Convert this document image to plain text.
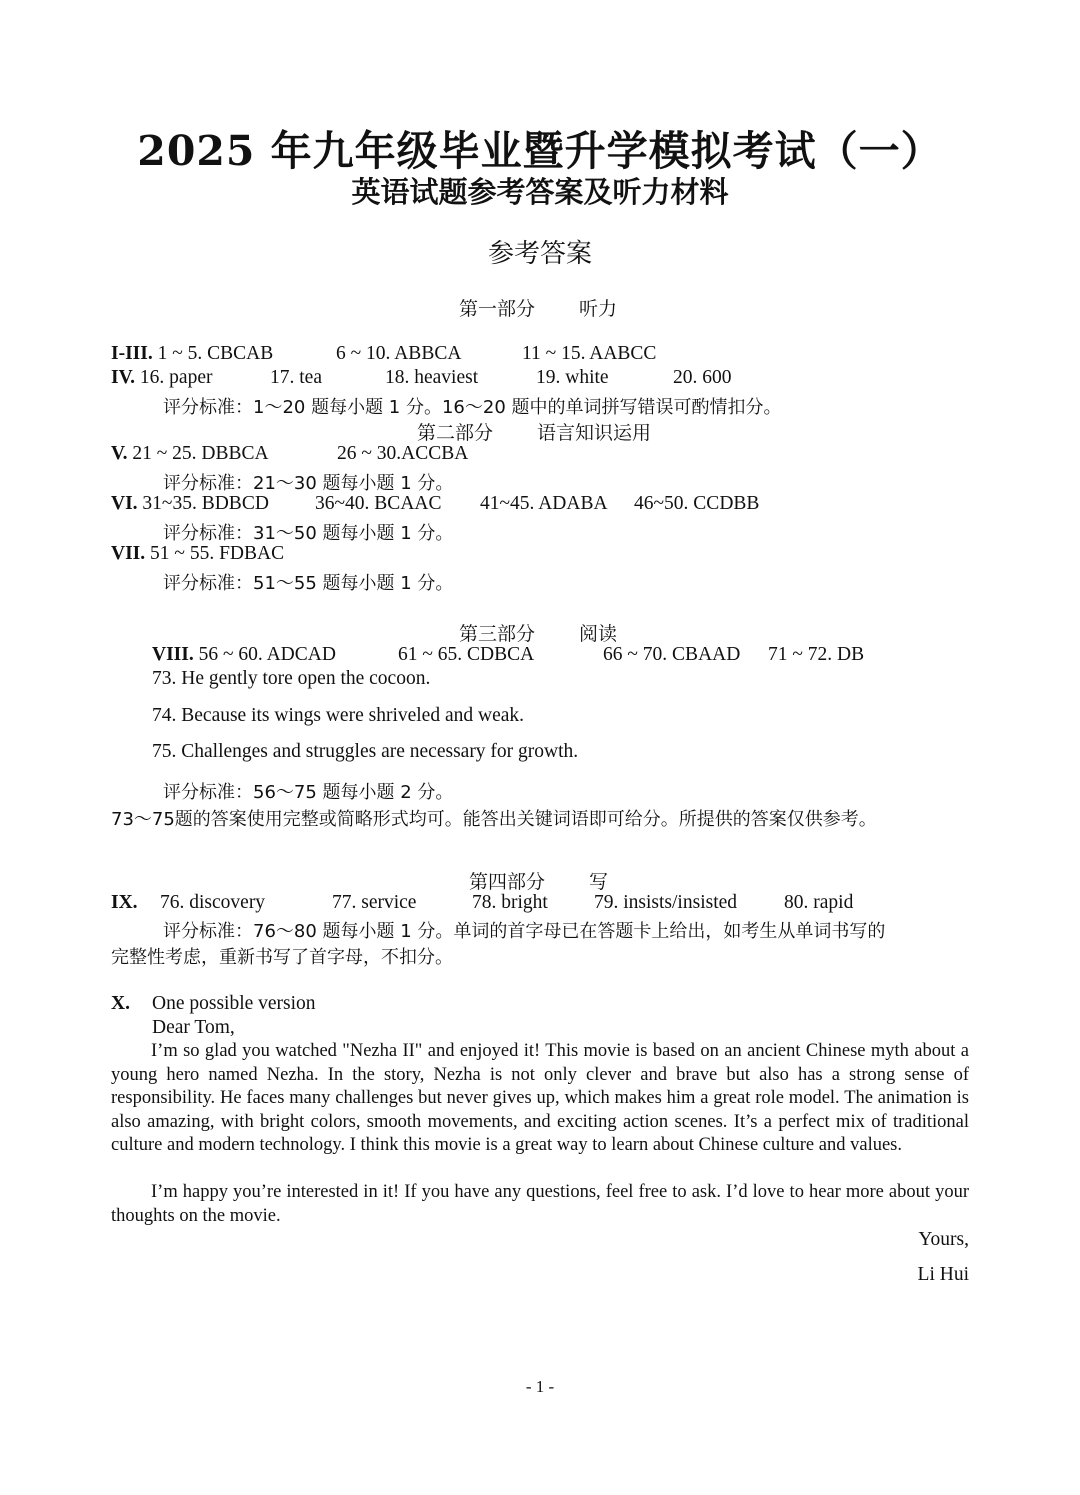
2025 年九年级毕业暨升学模拟考试（一）
英语试题参考答案及听力材料
参考答案
第一部分 听力
I-III. 1 ~ 5. CBCAB	6 ~ 10. ABBCA	11 ~ 15. AABCC
IV. 16. paper	17. tea	18. heaviest	19. white	20. 600
评分标准：1～20 题每小题 1 分。16～20 题中的单词拼写错误可酌情扣分。
第二部分 语言知识运用
V. 21 ~ 25. DBBCA	26 ~ 30.ACCBA
评分标准：21～30 题每小题 1 分。
VI. 31~35. BDBCD 36~40. BCAAC 41~45. ADABA 46~50. CCDBB
评分标准：31～50 题每小题 1 分。
VII. 51 ~ 55. FDBAC
评分标准：51～55 题每小题 1 分。
第三部分 阅读
VIII. 56 ~ 60. ADCAD	61 ~ 65. CDBCA	66 ~ 70. CBAAD 71 ~ 72. DB
73. He gently tore open the cocoon.
74. Because its wings were shriveled and weak.
75. Challenges and struggles are necessary for growth.
评分标准：56～75 题每小题 2 分。
73～75题的答案使用完整或简略形式均可。能答出关键词语即可给分。所提供的答案仅供参考。
第四部分 写
IX. 76. discovery	77. service	78. bright 79. insists/insisted 80. rapid
评分标准：76～80 题每小题 1 分。单词的首字母已在答题卡上给出，如考生从单词书写的
完整性考虑，重新书写了首字母，不扣分。
X. One possible version
Dear Tom,
I’m so glad you watched "Nezha II" and enjoyed it! This movie is based on an ancient Chinese myth about a young hero named Nezha. In the story, Nezha is not only clever and brave but also has a strong sense of responsibility. He faces many challenges but never gives up, which makes him a great role model. The animation is also amazing, with bright colors, smooth movements, and exciting action scenes. It’s a perfect mix of traditional culture and modern technology. I think this movie is a great way to learn about Chinese culture and values.
I’m happy you’re interested in it! If you have any questions, feel free to ask. I’d love to hear more about your thoughts on the movie.
Yours,
Li Hui
- 1 -
